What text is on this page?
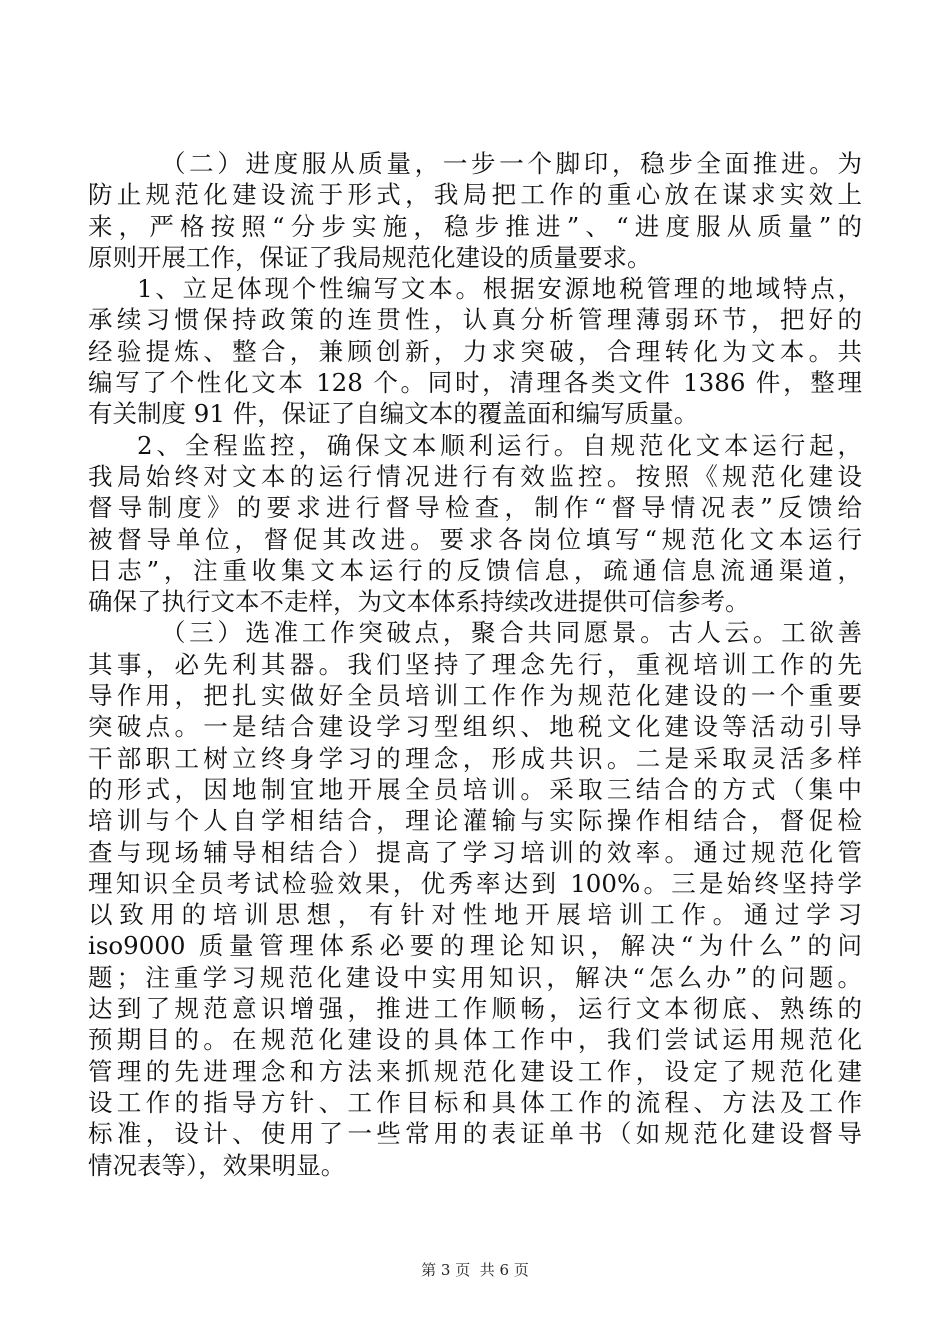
（二）进度服从质量，一步一个脚印，稳步全面推进。为
防止规范化建设流于形式，我局把工作的重心放在谋求实效上
来，严格按照“分步实施，稳步推进”、“进度服从质量”的
原则开展工作，保证了我局规范化建设的质量要求。
1、立足体现个性编写文本。根据安源地税管理的地域特点，
承续习惯保持政策的连贯性，认真分析管理薄弱环节，把好的
经验提炼、整合，兼顾创新，力求突破，合理转化为文本。共
编写了个性化文本 128 个。同时，清理各类文件 1386 件，整理
有关制度 91 件，保证了自编文本的覆盖面和编写质量。
2、全程监控，确保文本顺利运行。自规范化文本运行起，
我局始终对文本的运行情况进行有效监控。按照《规范化建设
督导制度》的要求进行督导检查，制作“督导情况表”反馈给
被督导单位，督促其改进。要求各岗位填写“规范化文本运行
日志”，注重收集文本运行的反馈信息，疏通信息流通渠道，
确保了执行文本不走样，为文本体系持续改进提供可信参考。
（三）选准工作突破点，聚合共同愿景。古人云。工欲善
其事，必先利其器。我们坚持了理念先行，重视培训工作的先
导作用，把扎实做好全员培训工作作为规范化建设的一个重要
突破点。一是结合建设学习型组织、地税文化建设等活动引导
干部职工树立终身学习的理念，形成共识。二是采取灵活多样
的形式，因地制宜地开展全员培训。采取三结合的方式（集中
培训与个人自学相结合，理论灌输与实际操作相结合，督促检
查与现场辅导相结合）提高了学习培训的效率。通过规范化管
理知识全员考试检验效果，优秀率达到 100%。三是始终坚持学
以致用的培训思想，有针对性地开展培训工作。通过学习
iso9000 质量管理体系必要的理论知识，解决“为什么”的问
题；注重学习规范化建设中实用知识，解决“怎么办”的问题。
达到了规范意识增强，推进工作顺畅，运行文本彻底、熟练的
预期目的。在规范化建设的具体工作中，我们尝试运用规范化
管理的先进理念和方法来抓规范化建设工作，设定了规范化建
设工作的指导方针、工作目标和具体工作的流程、方法及工作
标准，设计、使用了一些常用的表证单书（如规范化建设督导
情况表等），效果明显。
第 3 页  共 6 页
